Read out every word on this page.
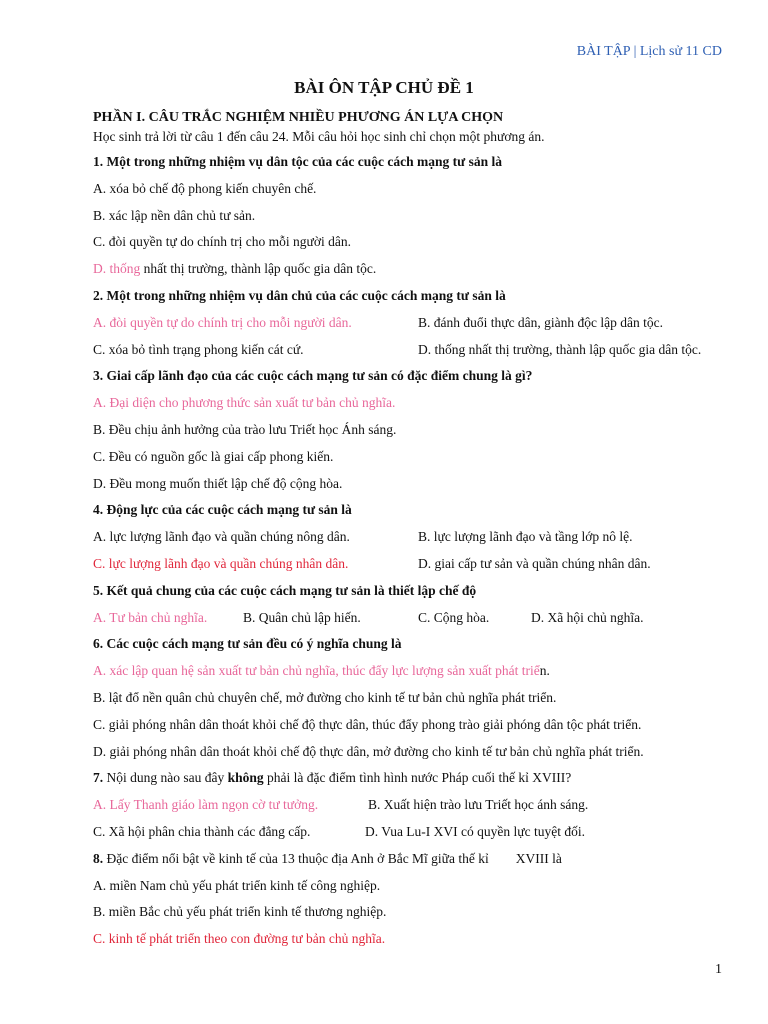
BÀI TẬP | Lịch sử 11 CD
BÀI ÔN TẬP CHỦ ĐỀ 1
PHẦN I. CÂU TRẮC NGHIỆM NHIỀU PHƯƠNG ÁN LỰA CHỌN
Học sinh trả lời từ câu 1 đến câu 24. Mỗi câu hỏi học sinh chỉ chọn một phương án.
1. Một trong những nhiệm vụ dân tộc của các cuộc cách mạng tư sản là
A. xóa bỏ chế độ phong kiến chuyên chế.
B. xác lập nền dân chủ tư sản.
C. đòi quyền tự do chính trị cho mỗi người dân.
D. thống nhất thị trường, thành lập quốc gia dân tộc.
2. Một trong những nhiệm vụ dân chủ của các cuộc cách mạng tư sản là
A. đòi quyền tự do chính trị cho mỗi người dân.	B. đánh đuổi thực dân, giành độc lập dân tộc.
C. xóa bỏ tình trạng phong kiến cát cứ.	D. thống nhất thị trường, thành lập quốc gia dân tộc.
3. Giai cấp lãnh đạo của các cuộc cách mạng tư sản có đặc điểm chung là gì?
A. Đại diện cho phương thức sản xuất tư bản chủ nghĩa.
B. Đều chịu ảnh hưởng của trào lưu Triết học Ánh sáng.
C. Đều có nguồn gốc là giai cấp phong kiến.
D. Đều mong muốn thiết lập chế độ cộng hòa.
4. Động lực của các cuộc cách mạng tư sản là
A. lực lượng lãnh đạo và quần chúng nông dân.	B. lực lượng lãnh đạo và tầng lớp nô lệ.
C. lực lượng lãnh đạo và quần chúng nhân dân.	D. giai cấp tư sản và quần chúng nhân dân.
5. Kết quả chung của các cuộc cách mạng tư sản là thiết lập chế độ
A. Tư bản chủ nghĩa.	B. Quân chủ lập hiến.	C. Cộng hòa.	D. Xã hội chủ nghĩa.
6. Các cuộc cách mạng tư sản đều có ý nghĩa chung là
A. xác lập quan hệ sản xuất tư bản chủ nghĩa, thúc đẩy lực lượng sản xuất phát triển.
B. lật đổ nền quân chủ chuyên chế, mở đường cho kinh tế tư bản chủ nghĩa phát triển.
C. giải phóng nhân dân thoát khỏi chế độ thực dân, thúc đẩy phong trào giải phóng dân tộc phát triển.
D. giải phóng nhân dân thoát khỏi chế độ thực dân, mở đường cho kinh tế tư bản chủ nghĩa phát triển.
7. Nội dung nào sau đây không phải là đặc điểm tình hình nước Pháp cuối thế kỉ XVIII?
A. Lấy Thanh giáo làm ngọn cờ tư tưởng.	B. Xuất hiện trào lưu Triết học ánh sáng.
C. Xã hội phân chia thành các đẳng cấp.	D. Vua Lu-I XVI có quyền lực tuyệt đối.
8. Đặc điểm nổi bật về kinh tế của 13 thuộc địa Anh ở Bắc Mĩ giữa thế kỉ        XVIII là
A. miền Nam chủ yếu phát triển kinh tế công nghiệp.
B. miền Bắc chủ yếu phát triển kinh tế thương nghiệp.
C. kinh tế phát triển theo con đường tư bản chủ nghĩa.
1
